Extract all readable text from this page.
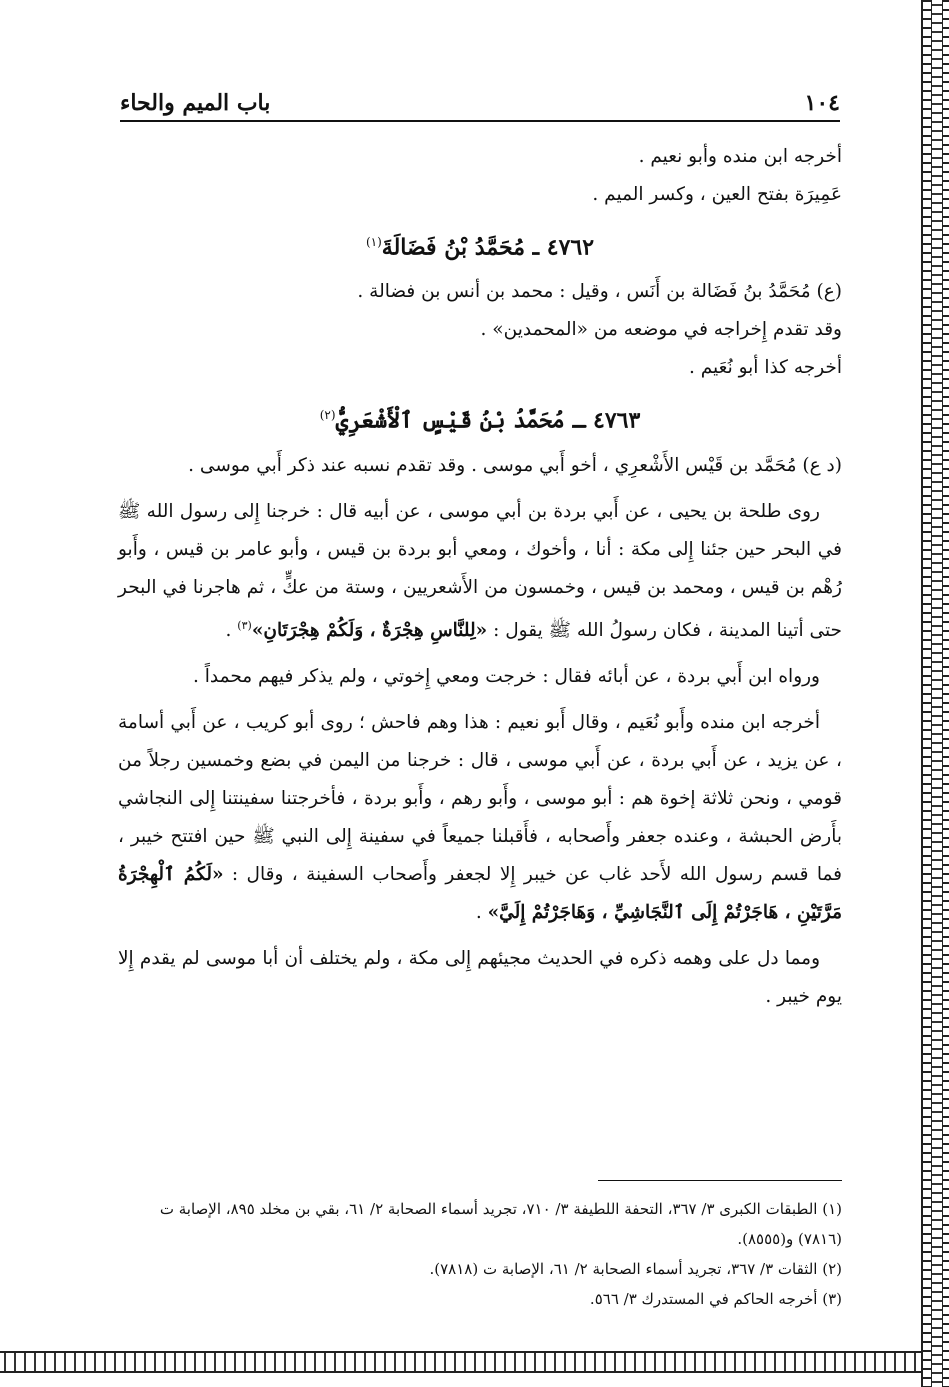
١٠٤
باب الميم والحاء

أخرجه ابن منده وأبو نعيم .

عَمِيرَة بفتح العين ، وكسر الميم .

٤٧٦٢ ـ مُحَمَّدُ بْنُ فَضَالَةَ$^{(١)}$

(ع) مُحَمَّدُ بنُ فَضَالة بن أَنَس ، وقيل : محمد بن أنس بن فضالة .

وقد تقدم إِخراجه في موضعه من «المحمدين» .

أخرجه كذا أبو نُعَيم .

٤٧٦٣ ـ مُحَمَّدُ بْنُ قَيْسٍ ٱلْأَشْعَرِيُّ$^{(٢)}$

(د ع) مُحَمَّد بن قَيْس الأَشْعرِي ، أخو أَبي موسى . وقد تقدم نسبه عند ذكر أَبي موسى .

روى طلحة بن يحيى ، عن أَبي بردة بن أبي موسى ، عن أبيه قال : خرجنا إِلى رسول الله ﷺ في البحر حين جئنا إِلى مكة : أنا ، وأخوك ، ومعي أبو بردة بن قيس ، وأبو عامر بن قيس ، وأَبو رُهْم بن قيس ، ومحمد بن قيس ، وخمسون من الأَشعريين ، وستة من عكٍّ ، ثم هاجرنا في البحر حتى أتينا المدينة ، فكان رسولُ الله ﷺ يقول : «لِلنَّاسِ هِجْرَةٌ ، وَلَكُمْ هِجْرَتَانِ»$^{(٣)}$ .

ورواه ابن أَبي بردة ، عن أبائه فقال : خرجت ومعي إِخوتي ، ولم يذكر فيهم محمداً .

أخرجه ابن منده وأَبو نُعَيم ، وقال أَبو نعيم : هذا وهم فاحش ؛ روى أبو كريب ، عن أَبي أسامة ، عن يزيد ، عن أَبي بردة ، عن أَبي موسى ، قال : خرجنا من اليمن في بضع وخمسين رجلاً من قومي ، ونحن ثلاثة إخوة هم : أبو موسى ، وأَبو رهم ، وأَبو بردة ، فأخرجتنا سفينتنا إِلى النجاشي بأَرض الحبشة ، وعنده جعفر وأَصحابه ، فأَقبلنا جميعاً في سفينة إِلى النبي ﷺ حين افتتح خيبر ، فما قسم رسول الله لأَحد غاب عن خيبر إِلا لجعفر وأَصحاب السفينة ، وقال : «لَكُمُ ٱلْهِجْرَةُ مَرَّتَيْنِ ، هَاجَرْتُمْ إِلَى ٱلنَّجَاشِيِّ ، وَهَاجَرْتُمْ إِلَيَّ» .

ومما دل على وهمه ذكره في الحديث مجيئهم إِلى مكة ، ولم يختلف أن أبا موسى لم يقدم إِلا يوم خيبر .

(١) الطبقات الكبرى ٣/ ٣٦٧، التحفة اللطيفة ٣/ ٧١٠، تجريد أسماء الصحابة ٢/ ٦١، بقي بن مخلد ٨٩٥، الإصابة ت (٧٨١٦) و(٨٥٥٥).

(٢) الثقات ٣/ ٣٦٧، تجريد أسماء الصحابة ٢/ ٦١، الإصابة ت (٧٨١٨).

(٣) أخرجه الحاكم في المستدرك ٣/ ٥٦٦.
